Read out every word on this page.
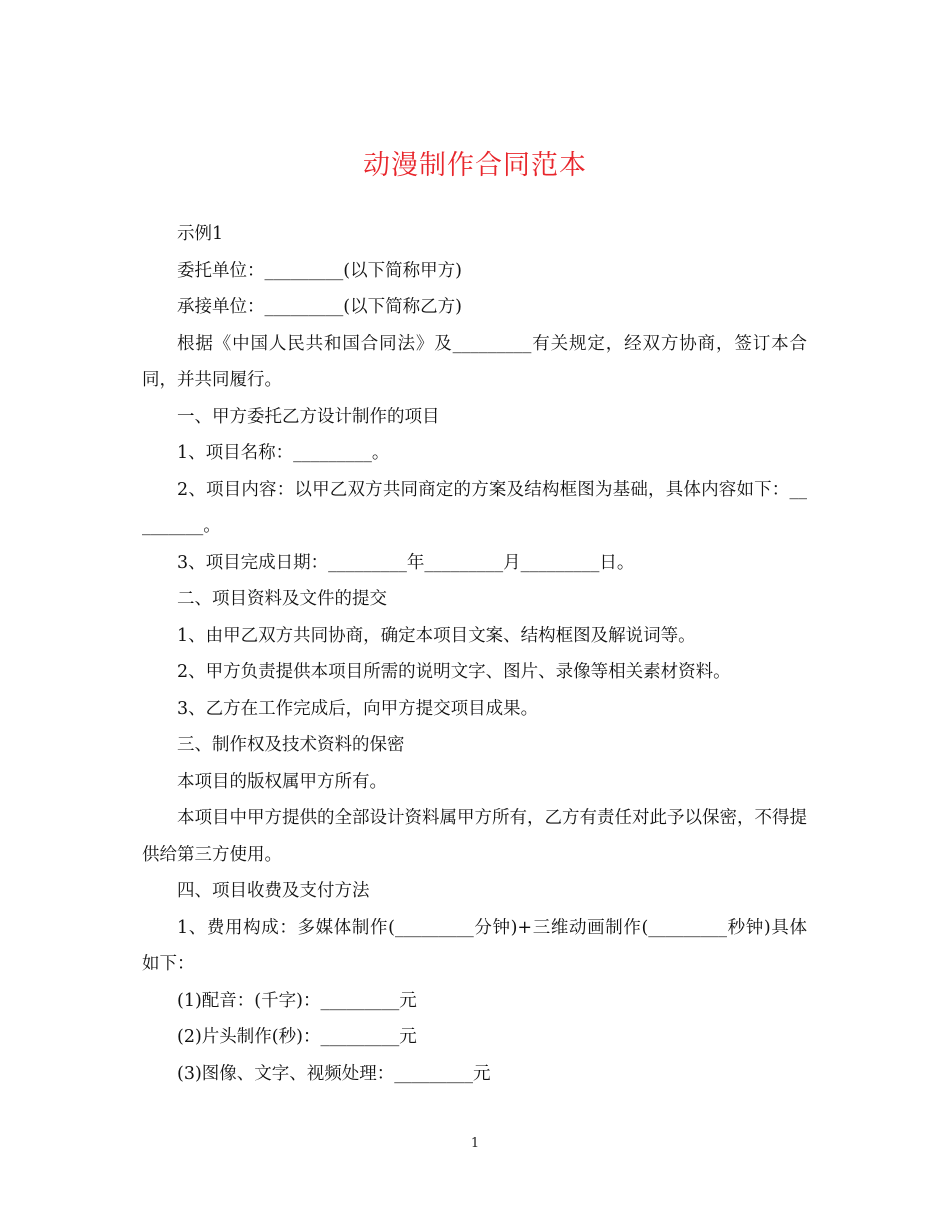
动漫制作合同范本

示例1

委托单位：_________(以下简称甲方)

承接单位：_________(以下简称乙方)

根据《中国人民共和国合同法》及_________有关规定，经双方协商，签订本合同，并共同履行。

一、甲方委托乙方设计制作的项目

1、项目名称：_________。

2、项目内容：以甲乙双方共同商定的方案及结构框图为基础，具体内容如下：_________。

3、项目完成日期：_________年_________月_________日。

二、项目资料及文件的提交

1、由甲乙双方共同协商，确定本项目文案、结构框图及解说词等。

2、甲方负责提供本项目所需的说明文字、图片、录像等相关素材资料。

3、乙方在工作完成后，向甲方提交项目成果。

三、制作权及技术资料的保密

本项目的版权属甲方所有。

本项目中甲方提供的全部设计资料属甲方所有，乙方有责任对此予以保密，不得提供给第三方使用。

四、项目收费及支付方法

1、费用构成：多媒体制作(_________分钟)+三维动画制作(_________秒钟)具体如下：

(1)配音：(千字)：_________元

(2)片头制作(秒)：_________元

(3)图像、文字、视频处理：_________元

1
